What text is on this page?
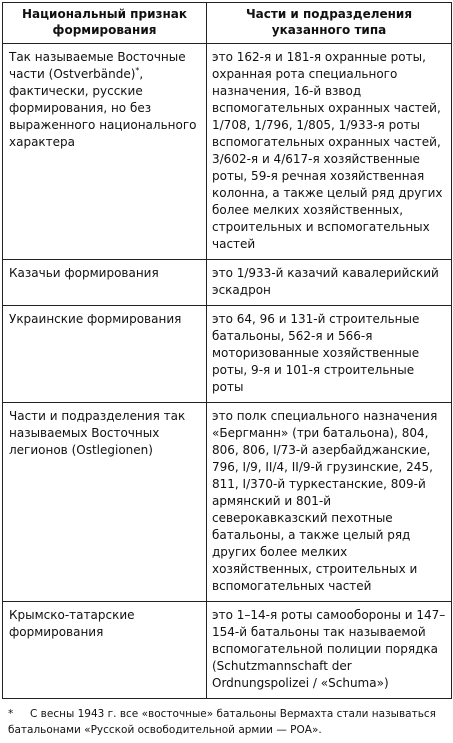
Национальный признак формирования	Части и подразделения указанного типа
Так называемые Восточные части (Ostverbände)*, фактически, русские формирования, но без выраженного национального характера	это 162-я и 181-я охранные роты, охранная рота специального назначения, 16-й взвод вспомогательных охранных частей, 1/708, 1/796, 1/805, 1/933-я роты вспомогательных охранных частей, 3/602-я и 4/617-я хозяйственные роты, 59-я речная хозяйственная колонна, а также целый ряд других более мелких хозяйственных, строительных и вспомогательных частей
Казачьи формирования	это 1/933-й казачий кавалерийский эскадрон
Украинские формирования	это 64, 96 и 131-й строительные батальоны, 562-я и 566-я моторизованные хозяйственные роты, 9-я и 101-я строительные роты
Части и подразделения так называемых Восточных легионов (Ostlegionen)	это полк специального назначения «Бергманн» (три батальона), 804, 806, 806, I/73-й азербайджанские, 796, I/9, II/4, II/9-й грузинские, 245, 811, I/370-й туркестанские, 809-й армянский и 801-й северокавказский пехотные батальоны, а также целый ряд других более мелких хозяйственных, строительных и вспомогательных частей
Крымско-татарские формирования	это 1–14-я роты самообороны и 147–154-й батальоны так называемой вспомогательной полиции порядка (Schutzmannschaft der Ordnungspolizei / «Schuma»)
* С весны 1943 г. все «восточные» батальоны Вермахта стали называться батальонами «Русской освободительной армии — РОА».
